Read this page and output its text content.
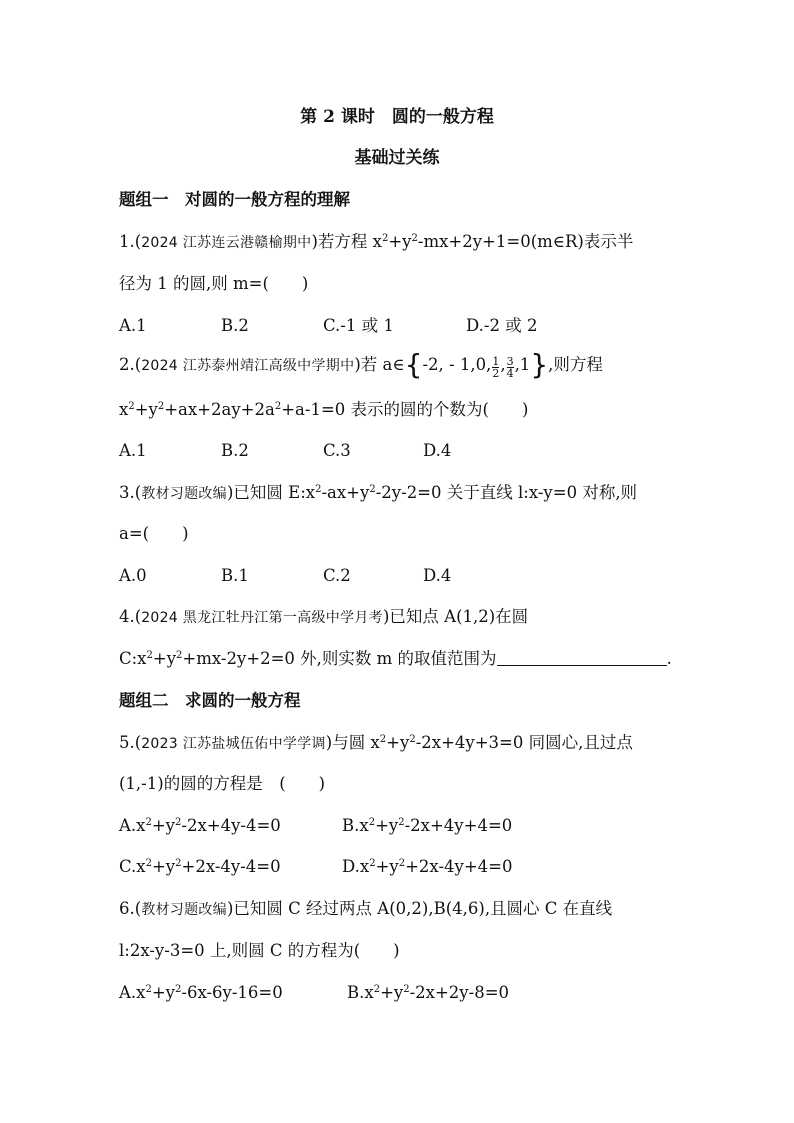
第 2 课时　圆的一般方程
基础过关练
题组一　对圆的一般方程的理解
1.(2024 江苏连云港赣榆期中)若方程 $x^2+y^2-mx+2y+1=0(m\in R)$表示半
径为 1 的圆,则 m=(　　)
A.1	B.2	C.-1 或 1	D.-2 或 2
2.(2024 江苏泰州靖江高级中学期中)若 a∈{-2, - 1,0, $\frac{1}{2}$ , $\frac{3}{4} ,1$},则方程
$x^2+y^2+ax+2ay+2a^2+a-1=0$ 表示的圆的个数为(　　)
A.1	B.2	C.3	D.4
3.(教材习题改编)已知圆 $E:x^2-ax+y^2-2y-2=0$ 关于直线 l:x-y=0 对称,则
a=(　　)
A.0	B.1	C.2	D.4
4.(2024 黑龙江牡丹江第一高级中学月考)已知点 A(1,2)在圆
$C:x^2+y^2+mx-2y+2=0$ 外,则实数 m 的取值范围为	.
题组二　求圆的一般方程
5.(2023 江苏盐城伍佑中学学调)与圆 $x^2+y^2-2x+4y+3=0$ 同圆心,且过点
(1,-1)的圆的方程是　(　　)
$A.x^2+y^2-2x+4y-4=0$	$B.x^2+y^2-2x+4y+4=0$
$C.x^2+y^2+2x-4y-4=0$	$D.x^2+y^2+2x-4y+4=0$
6.(教材习题改编)已知圆 C 经过两点 A(0,2),B(4,6),且圆心 C 在直线
l:2x-y-3=0 上,则圆 C 的方程为(　　)
$A.x^2+y^2-6x-6y-16=0$	$B.x^2+y^2-2x+2y-8=0$
